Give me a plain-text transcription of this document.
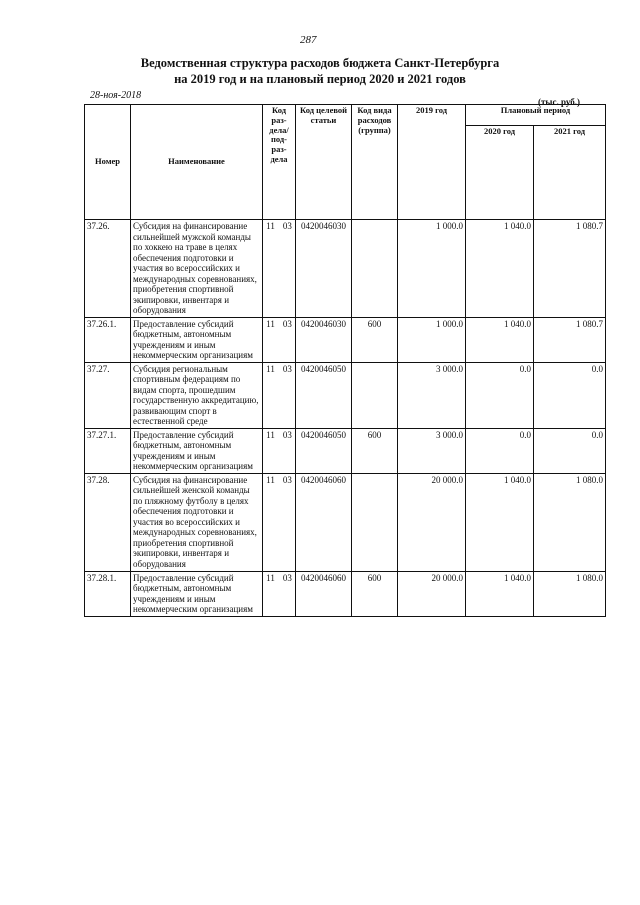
287
Ведомственная структура расходов бюджета Санкт-Петербурга
на 2019 год и на плановый период 2020 и 2021 годов
28-ноя-2018
(тыс. руб.)
Номер	Наименование	Код раз-дела/ под-раз-дела	Код целевой статьи	Код вида расходов (группа)	2019 год	Плановый период	
						2020 год	2021 год
37.26.	Субсидия на финансирование сильнейшей мужской команды по хоккею на траве в целях обеспечения подготовки и участия во всероссийских и международных соревнованиях, приобретения спортивной экипировки, инвентаря и оборудования	11 03	0420046030		1 000.0	1 040.0	1 080.7
37.26.1.	Предоставление субсидий бюджетным, автономным учреждениям и иным некоммерческим организациям	11 03	0420046030	600	1 000.0	1 040.0	1 080.7
37.27.	Субсидия региональным спортивным федерациям по видам спорта, прошедшим государственную аккредитацию, развивающим спорт в естественной среде	11 03	0420046050		3 000.0	0.0	0.0
37.27.1.	Предоставление субсидий бюджетным, автономным учреждениям и иным некоммерческим организациям	11 03	0420046050	600	3 000.0	0.0	0.0
37.28.	Субсидия на финансирование сильнейшей женской команды по пляжному футболу в целях обеспечения подготовки и участия во всероссийских и международных соревнованиях, приобретения спортивной экипировки, инвентаря и оборудования	11 03	0420046060		20 000.0	1 040.0	1 080.0
37.28.1.	Предоставление субсидий бюджетным, автономным учреждениям и иным некоммерческим организациям	11 03	0420046060	600	20 000.0	1 040.0	1 080.0
